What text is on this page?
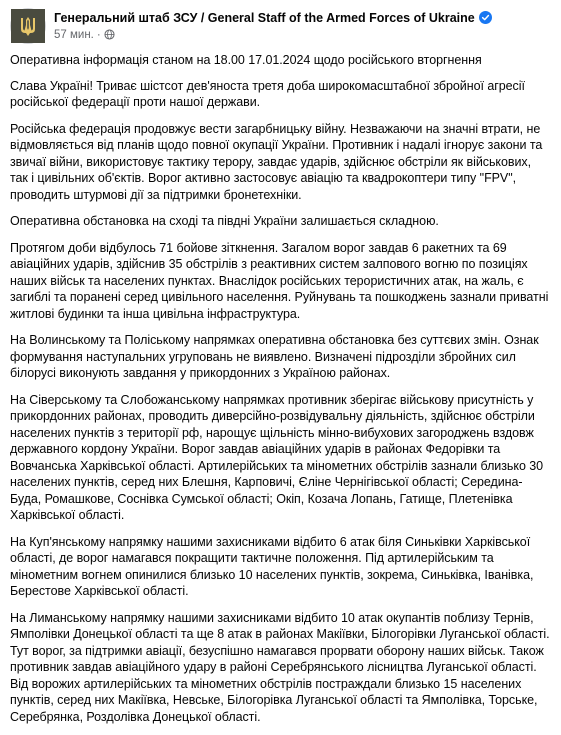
Генеральний штаб ЗСУ / General Staff of the Armed Forces of Ukraine
57 мин. ·

Оперативна інформація станом на 18.00 17.01.2024 щодо російського вторгнення

Слава Україні! Триває шістсот дев'яноста третя доба широкомасштабної збройної агресії російської федерації проти нашої держави.

Російська федерація продовжує вести загарбницьку війну. Незважаючи на значні втрати, не відмовляється від планів щодо повної окупації України. Противник і надалі ігнорує закони та звичаї війни, використовує тактику терору, завдає ударів, здійснює обстріли як військових, так і цивільних об'єктів. Ворог активно застосовує авіацію та квадрокоптери типу "FPV", проводить штурмові дії за підтримки бронетехніки.

Оперативна обстановка на сході та півдні України залишається складною.

Протягом доби відбулось 71 бойове зіткнення. Загалом ворог завдав 6 ракетних та 69 авіаційних ударів, здійснив 35 обстрілів з реактивних систем залпового вогню по позиціях наших військ та населених пунктах. Внаслідок російських терористичних атак, на жаль, є загиблі та поранені серед цивільного населення. Руйнувань та пошкоджень зазнали приватні житлові будинки та інша цивільна інфраструктура.

На Волинському та Поліському напрямках оперативна обстановка без суттєвих змін. Ознак формування наступальних угруповань не виявлено. Визначені підрозділи збройних сил білорусі виконують завдання у прикордонних з Україною районах.

На Сіверському та Слобожанському напрямках противник зберігає військову присутність у прикордонних районах, проводить диверсійно-розвідувальну діяльність, здійснює обстріли населених пунктів з території рф, нарощує щільність мінно-вибухових загороджень вздовж державного кордону України. Ворог завдав авіаційних ударів в районах Федорівки та Вовчанська Харківської області. Артилерійських та мінометних обстрілів зазнали близько 30 населених пунктів, серед них Блешня, Карповичі, Єліне Чернігівської області; Середина-Буда, Ромашкове, Соснівка Сумської області; Окіп, Козача Лопань, Гатище, Плетенівка Харківської області.

На Куп'янському напрямку нашими захисниками відбито 6 атак біля Синьківки Харківської області, де ворог намагався покращити тактичне положення. Під артилерійським та мінометним вогнем опинилися близько 10 населених пунктів, зокрема, Синьківка, Іванівка, Берестове Харківської області.

На Лиманському напрямку нашими захисниками відбито 10 атак окупантів поблизу Тернів, Ямполівки Донецької області та ще 8 атак в районах Макіївки, Білогорівки Луганської області. Тут ворог, за підтримки авіації, безуспішно намагався прорвати оборону наших військ. Також противник завдав авіаційного удару в районі Серебрянського лісництва Луганської області. Від ворожих артилерійських та мінометних обстрілів постраждали близько 15 населених пунктів, серед них Макіївка, Невське, Білогорівка Луганської області та Ямполівка, Торське, Серебрянка, Роздолівка Донецької області.
